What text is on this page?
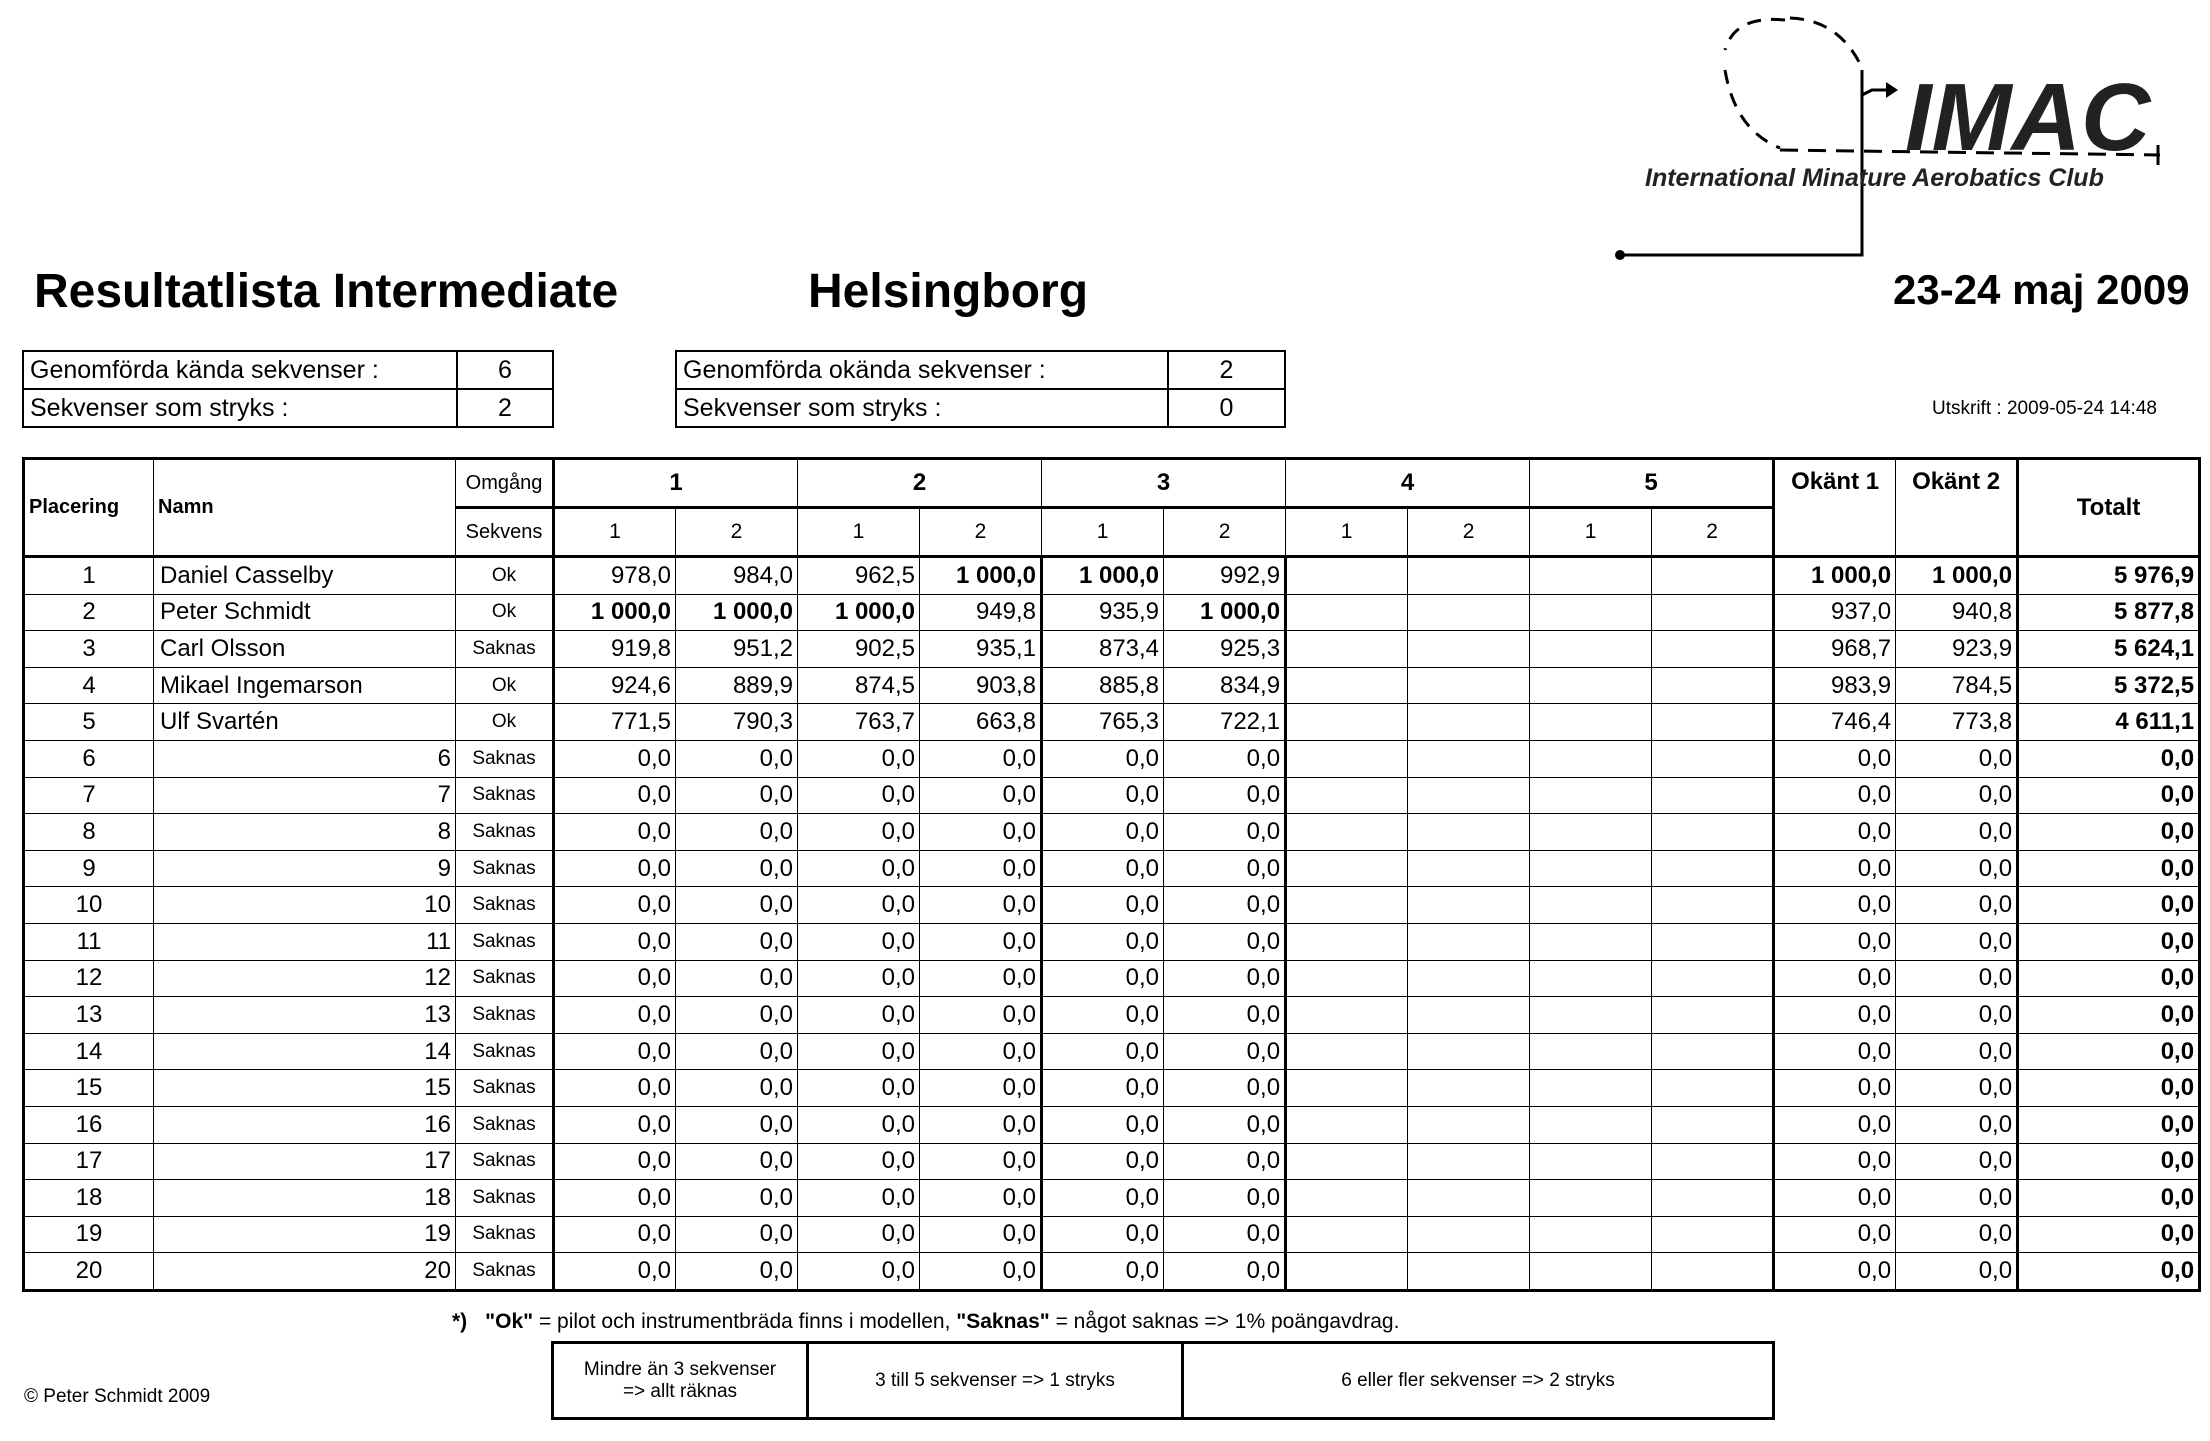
IMAC
International Minature Aerobatics Club
Resultatlista Intermediate	Helsingborg	23-24 maj 2009
Genomförda kända sekvenser :	6
Sekvenser som stryks :	2
Genomförda okända sekvenser :	2
Sekvenser som stryks :	0	Utskrift : 2009-05-24 14:48
Placering	Namn	Omgång	1		2		3		4		5		Okänt 1	Okänt 2	Totalt
		Sekvens	1	2	1	2	1	2	1	2	1	2			
1	Daniel Casselby	Ok	978,0	984,0	962,5	1 000,0	1 000,0	992,9					1 000,0	1 000,0	5 976,9
2	Peter Schmidt	Ok	1 000,0	1 000,0	1 000,0	949,8	935,9	1 000,0					937,0	940,8	5 877,8
3	Carl Olsson	Saknas	919,8	951,2	902,5	935,1	873,4	925,3					968,7	923,9	5 624,1
4	Mikael Ingemarson	Ok	924,6	889,9	874,5	903,8	885,8	834,9					983,9	784,5	5 372,5
5	Ulf Svartén	Ok	771,5	790,3	763,7	663,8	765,3	722,1					746,4	773,8	4 611,1
6	6	Saknas	0,0	0,0	0,0	0,0	0,0	0,0					0,0	0,0	0,0
7	7	Saknas	0,0	0,0	0,0	0,0	0,0	0,0					0,0	0,0	0,0
8	8	Saknas	0,0	0,0	0,0	0,0	0,0	0,0					0,0	0,0	0,0
9	9	Saknas	0,0	0,0	0,0	0,0	0,0	0,0					0,0	0,0	0,0
10	10	Saknas	0,0	0,0	0,0	0,0	0,0	0,0					0,0	0,0	0,0
11	11	Saknas	0,0	0,0	0,0	0,0	0,0	0,0					0,0	0,0	0,0
12	12	Saknas	0,0	0,0	0,0	0,0	0,0	0,0					0,0	0,0	0,0
13	13	Saknas	0,0	0,0	0,0	0,0	0,0	0,0					0,0	0,0	0,0
14	14	Saknas	0,0	0,0	0,0	0,0	0,0	0,0					0,0	0,0	0,0
15	15	Saknas	0,0	0,0	0,0	0,0	0,0	0,0					0,0	0,0	0,0
16	16	Saknas	0,0	0,0	0,0	0,0	0,0	0,0					0,0	0,0	0,0
17	17	Saknas	0,0	0,0	0,0	0,0	0,0	0,0					0,0	0,0	0,0
18	18	Saknas	0,0	0,0	0,0	0,0	0,0	0,0					0,0	0,0	0,0
19	19	Saknas	0,0	0,0	0,0	0,0	0,0	0,0					0,0	0,0	0,0
20	20	Saknas	0,0	0,0	0,0	0,0	0,0	0,0					0,0	0,0	0,0
*) "Ok" = pilot och instrumentbräda finns i modellen, "Saknas" = något saknas => 1% poängavdrag.
Mindre än 3 sekvenser
=> allt räknas
	3 till 5 sekvenser => 1 stryks	6 eller fler sekvenser => 2 stryks
© Peter Schmidt 2009
